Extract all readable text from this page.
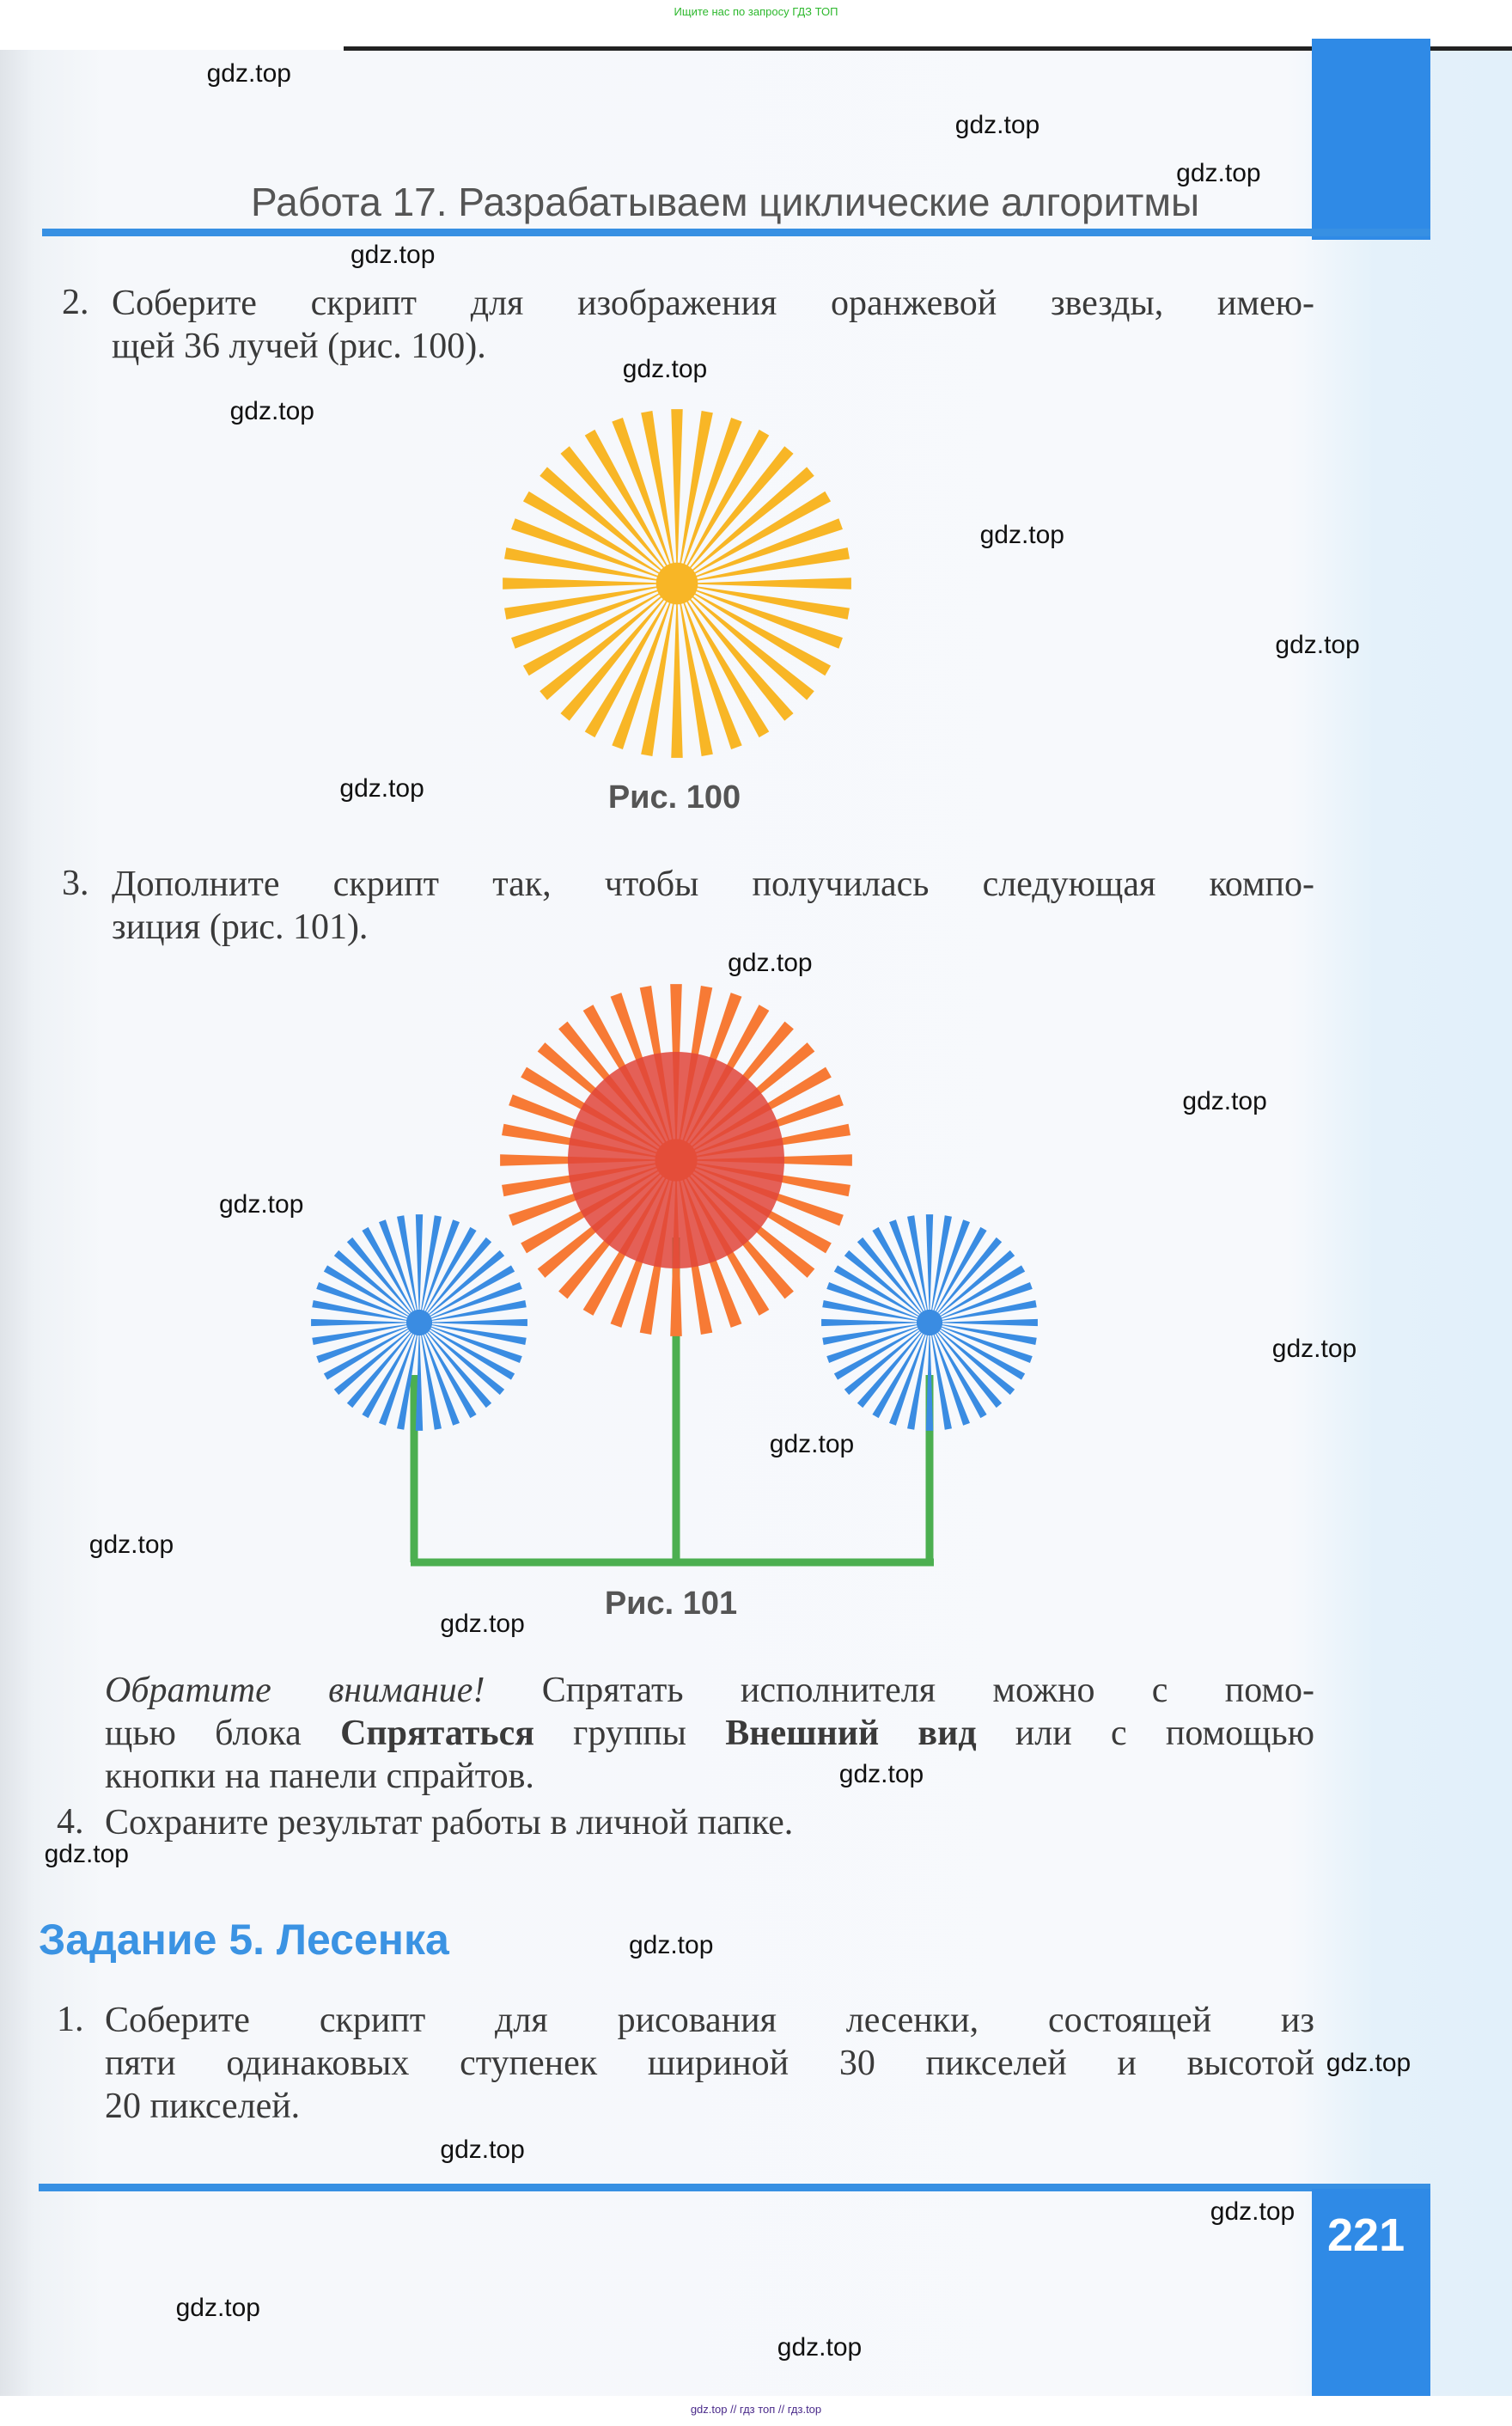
Ищите нас по запросу ГДЗ ТОП
Работа 17. Разрабатываем циклические алгоритмы
2. Соберите скрипт для изображения оранжевой звезды, имею-
щей 36 лучей (рис. 100).
Рис. 100
3. Дополните скрипт так, чтобы получилась следующая компо-
зиция (рис. 101).
Рис. 101
Обратите внимание! Спрятать исполнителя можно с помо-
щью блока Спрятаться группы Внешний вид или с помощью
кнопки на панели спрайтов.
4. Сохраните результат работы в личной папке.
Задание 5. Лесенка
1. Соберите скрипт для рисования лесенки, состоящей из
пяти одинаковых ступенек шириной 30 пикселей и высотой
20 пикселей.
221
gdz.top // гдз топ // гдз.top
gdz.top
gdz.top
gdz.top
gdz.top
gdz.top
gdz.top
gdz.top
gdz.top
gdz.top
gdz.top
gdz.top
gdz.top
gdz.top
gdz.top
gdz.top
gdz.top
gdz.top
gdz.top
gdz.top
gdz.top
gdz.top
gdz.top
gdz.top
gdz.top
